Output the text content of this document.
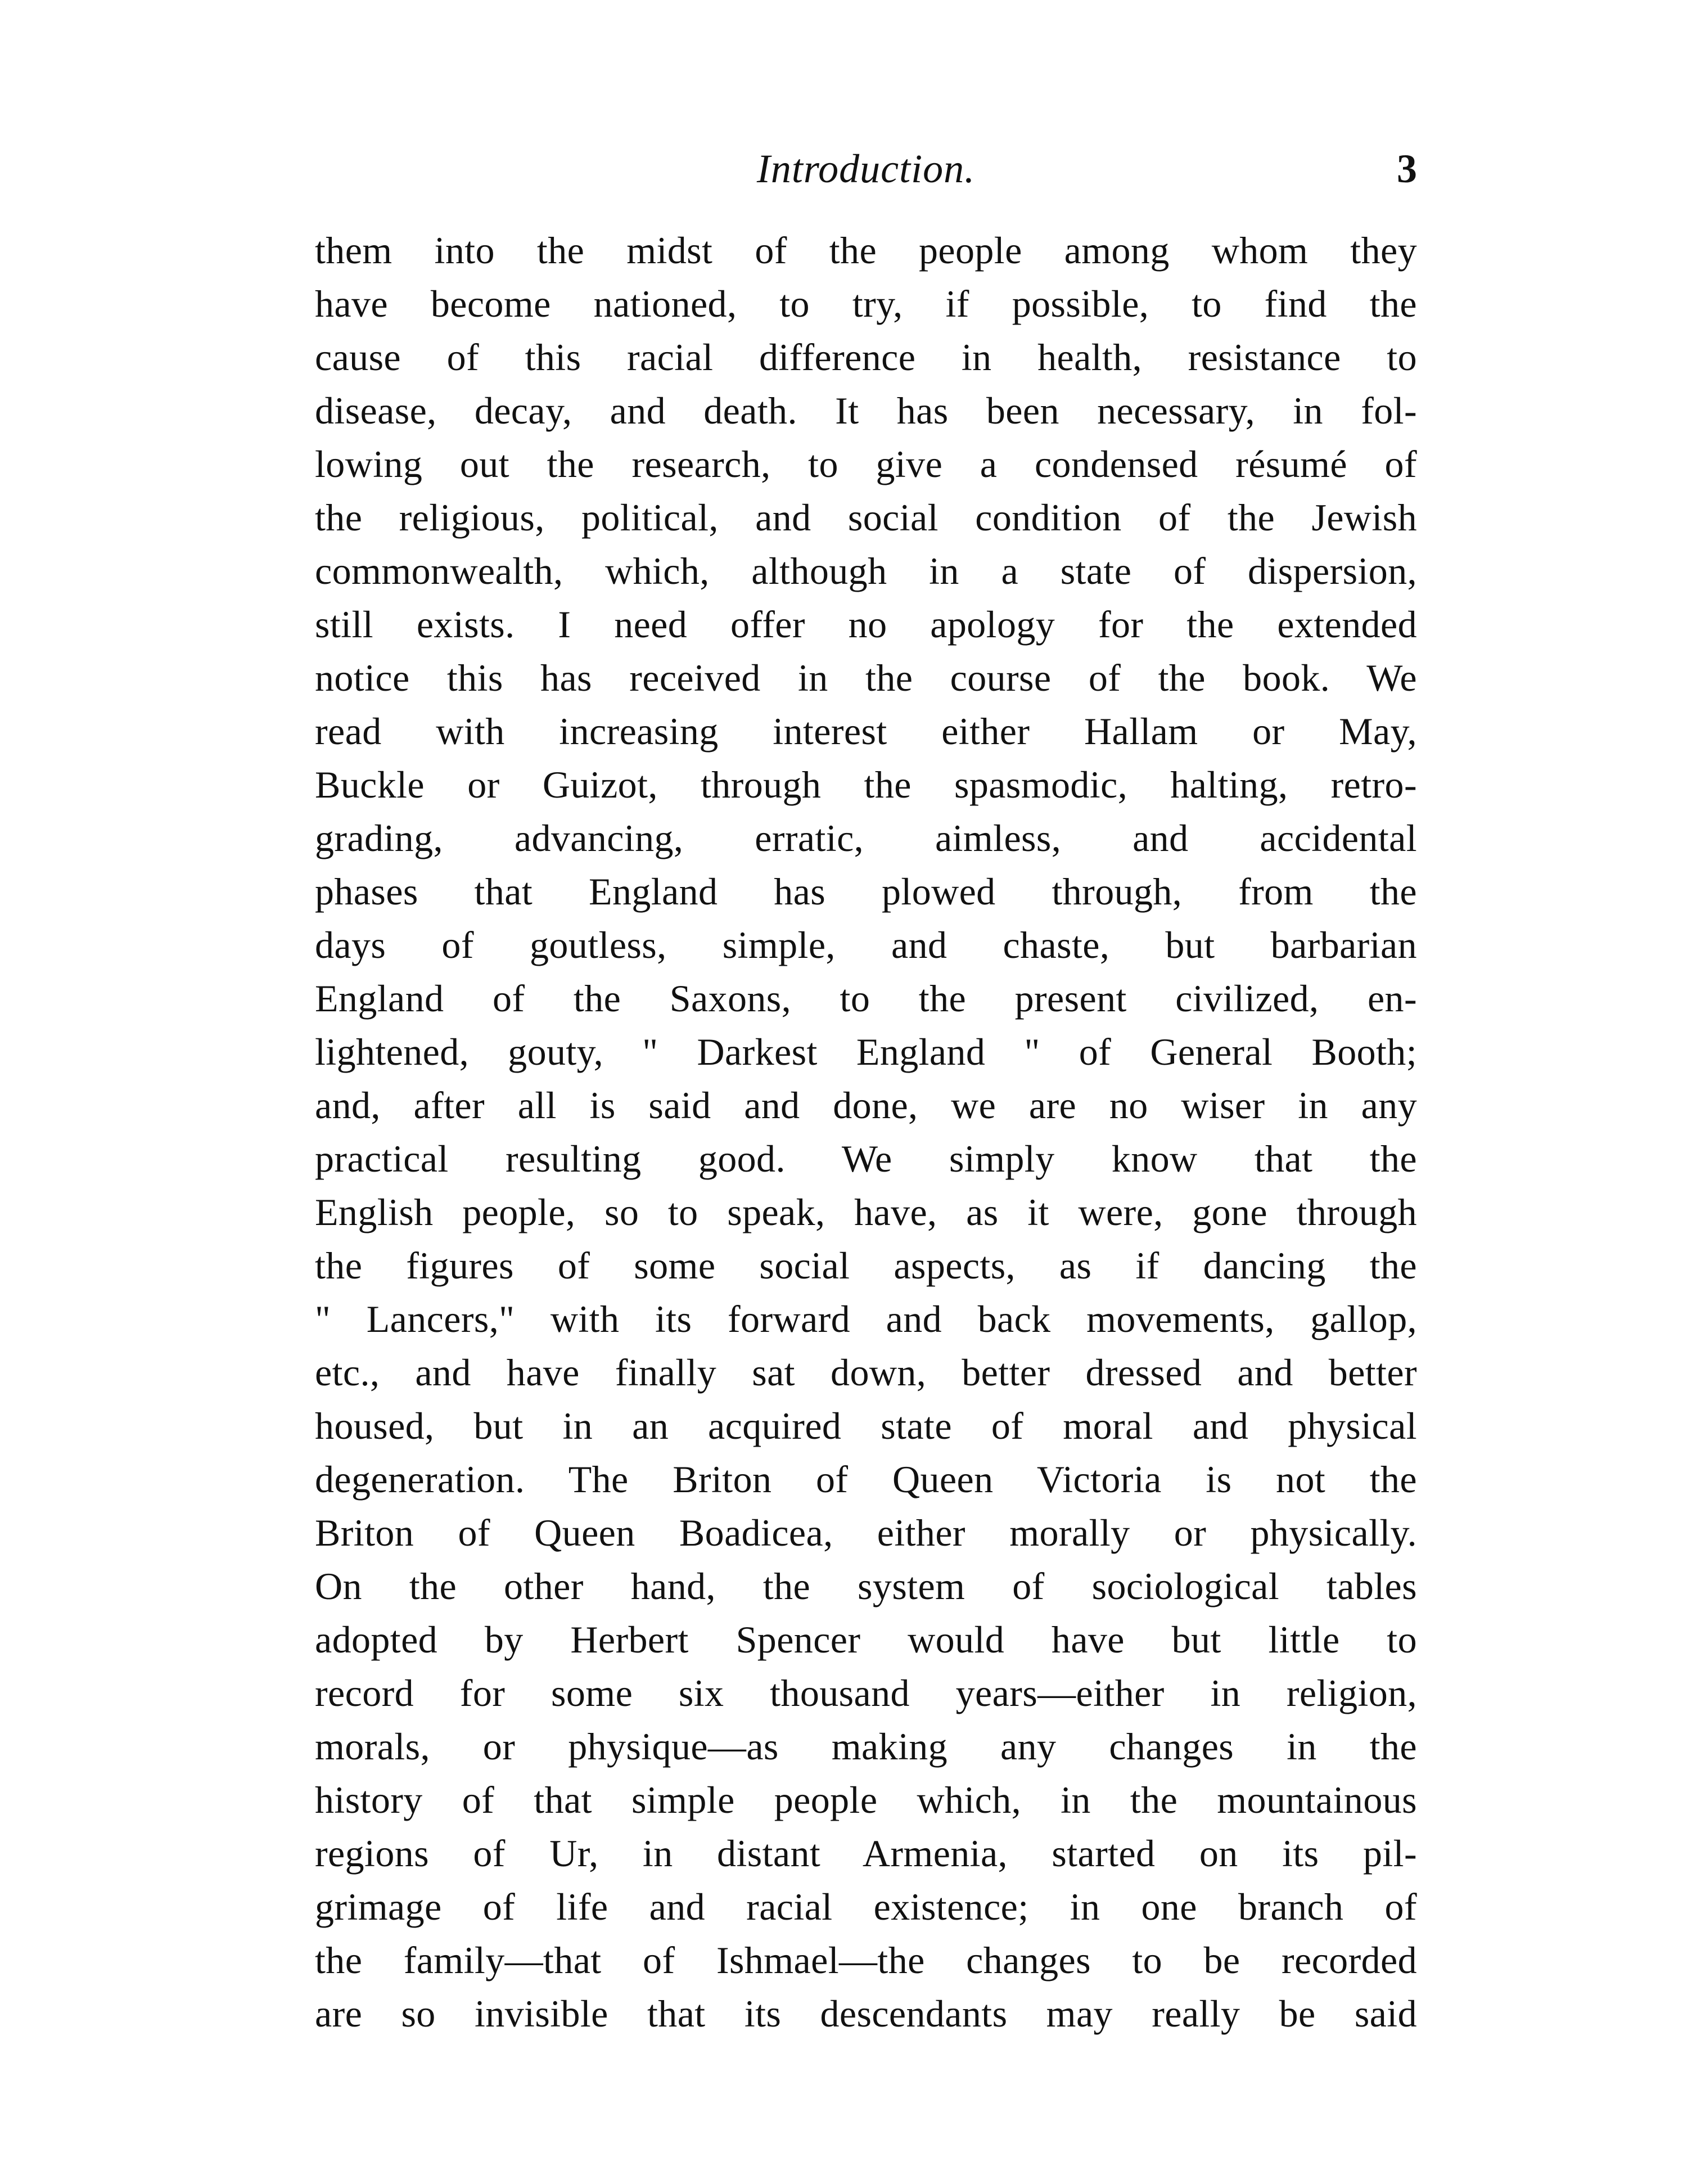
Introduction.	3
them into the midst of the people among whom they
have become nationed, to try, if possible, to find the
cause of this racial difference in health, resistance to
disease, decay, and death. It has been necessary, in fol-
lowing out the research, to give a condensed résumé of
the religious, political, and social condition of the Jewish
commonwealth, which, although in a state of dispersion,
still exists. I need offer no apology for the extended
notice this has received in the course of the book. We
read with increasing interest either Hallam or May,
Buckle or Guizot, through the spasmodic, halting, retro-
grading, advancing, erratic, aimless, and accidental
phases that England has plowed through, from the
days of goutless, simple, and chaste, but barbarian
England of the Saxons, to the present civilized, en-
lightened, gouty, " Darkest England " of General Booth;
and, after all is said and done, we are no wiser in any
practical resulting good. We simply know that the
English people, so to speak, have, as it were, gone through
the figures of some social aspects, as if dancing the
" Lancers," with its forward and back movements, gallop,
etc., and have finally sat down, better dressed and better
housed, but in an acquired state of moral and physical
degeneration. The Briton of Queen Victoria is not the
Briton of Queen Boadicea, either morally or physically.
On the other hand, the system of sociological tables
adopted by Herbert Spencer would have but little to
record for some six thousand years—either in religion,
morals, or physique—as making any changes in the
history of that simple people which, in the mountainous
regions of Ur, in distant Armenia, started on its pil-
grimage of life and racial existence; in one branch of
the family—that of Ishmael—the changes to be recorded
are so invisible that its descendants may really be said
